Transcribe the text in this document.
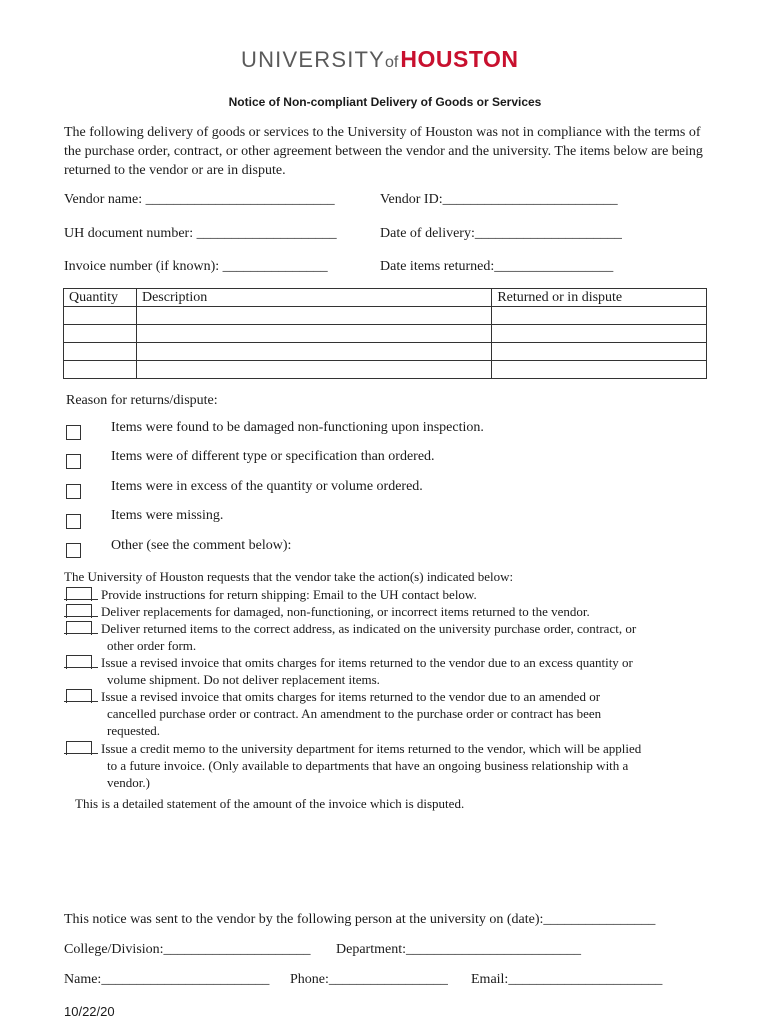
UNIVERSITYofHOUSTON
Notice of Non-compliant Delivery of Goods or Services
The following delivery of goods or services to the University of Houston was not in compliance with the terms of the purchase order, contract, or other agreement between the vendor and the university. The items below are being returned to the vendor or are in dispute.
Vendor name: ___________________________	Vendor ID:_________________________
UH document number: ____________________	Date of delivery:_____________________
Invoice number (if known): _______________	Date items returned:_________________
Quantity	Description	Returned or in dispute

Reason for returns/dispute:
Items were found to be damaged non-functioning upon inspection.
Items were of different type or specification than ordered.
Items were in excess of the quantity or volume ordered.
Items were missing.
Other (see the comment below):
The University of Houston requests that the vendor take the action(s) indicated below:
Provide instructions for return shipping: Email to the UH contact below.
Deliver replacements for damaged, non-functioning, or incorrect items returned to the vendor.
Deliver returned items to the correct address, as indicated on the university purchase order, contract, or
other order form.
Issue a revised invoice that omits charges for items returned to the vendor due to an excess quantity or
volume shipment. Do not deliver replacement items.
Issue a revised invoice that omits charges for items returned to the vendor due to an amended or
cancelled purchase order or contract. An amendment to the purchase order or contract has been
requested.
Issue a credit memo to the university department for items returned to the vendor, which will be applied
to a future invoice. (Only available to departments that have an ongoing business relationship with a
vendor.)
This is a detailed statement of the amount of the invoice which is disputed.
This notice was sent to the vendor by the following person at the university on (date):________________
College/Division:_____________________ Department:_________________________
Name:________________________ Phone:_________________ Email:______________________
10/22/20
